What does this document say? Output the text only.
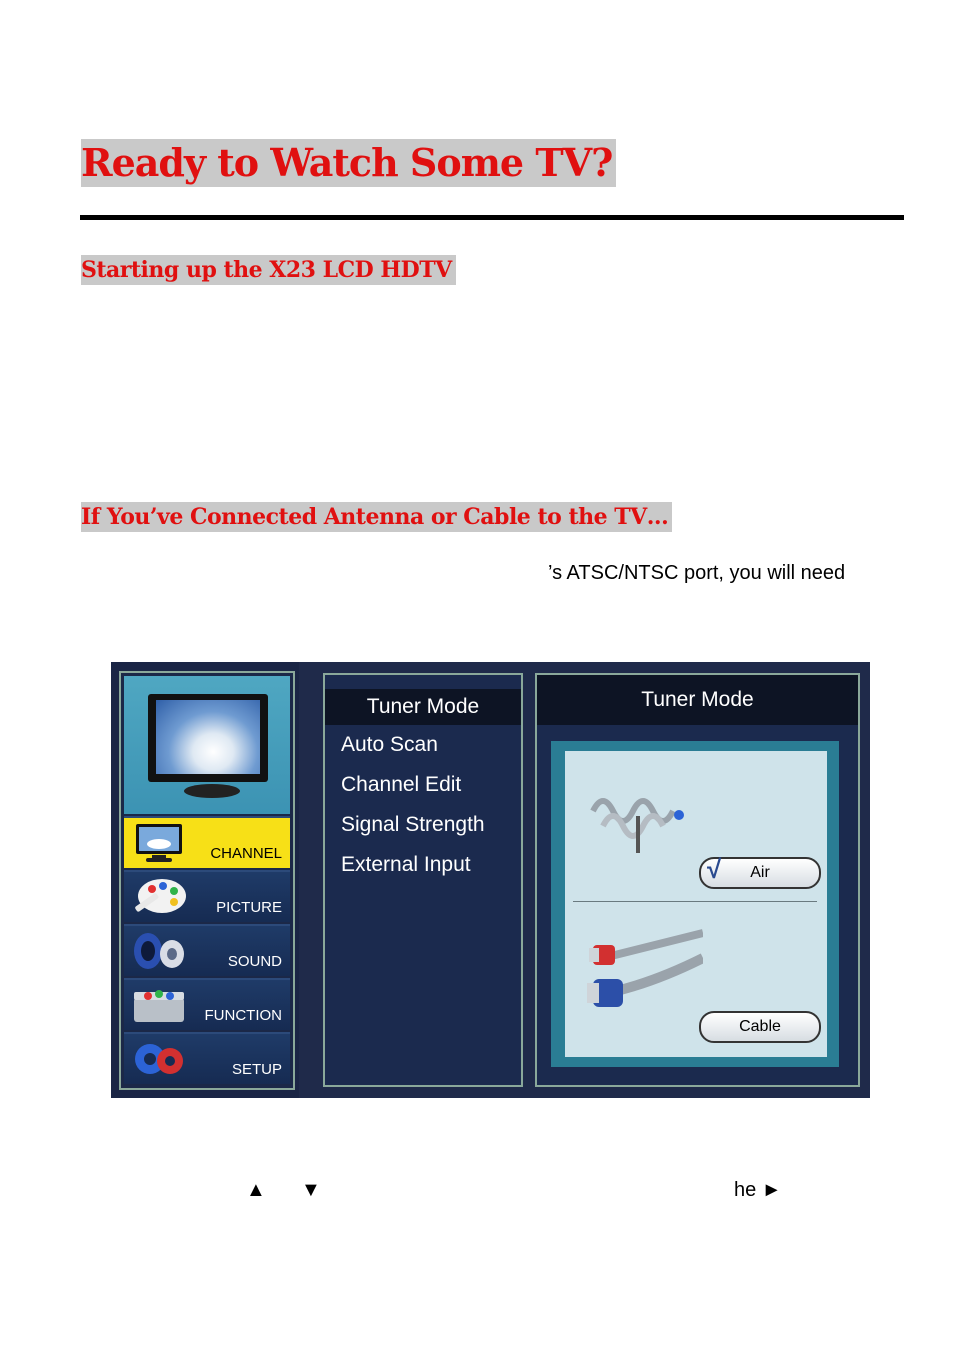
Ready to Watch Some TV?
Starting up the X23 LCD HDTV
If You’ve Connected Antenna or Cable to the TV…
’s ATSC/NTSC port, you will need
CHANNEL
PICTURE
SOUND
FUNCTION
SETUP
Tuner Mode
Auto Scan
Channel Edit
Signal Strength
External Input
Tuner Mode
√ Air
Cable
▲ ▼	he ►
